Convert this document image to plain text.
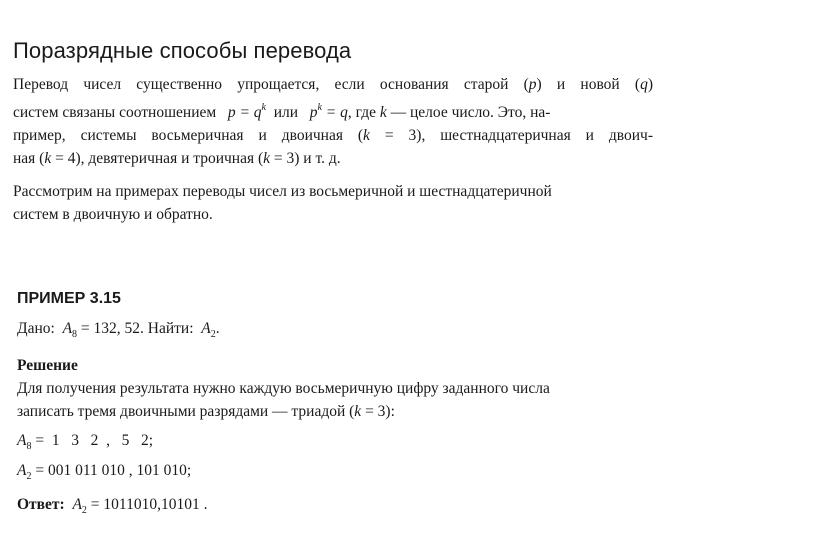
Поразрядные способы перевода
Перевод чисел существенно упрощается, если основания старой (p) и новой (q)
систем связаны соотношением $p = q^k$ или $p^k = q$, где k — целое число. Это, на-
пример, системы восьмеричная и двоичная (k = 3), шестнадцатеричная и двоич-
ная (k = 4), девятеричная и троичная (k = 3) и т. д.
Рассмотрим на примерах переводы чисел из восьмеричной и шестнадцатеричной
систем в двоичную и обратно.
ПРИМЕР 3.15
Дано: $A_8 = 132$, 52. Найти: $A_2$.
Решение
Для получения результата нужно каждую восьмеричную цифру заданного числа
записать тремя двоичными разрядами — триадой (k = 3):
$A_8 = 1$   3   2  ,   5   2;
$A_2 = 001$ 011 010 , 101 010;
Ответ: $A_2 = 1011010,10101$ .
